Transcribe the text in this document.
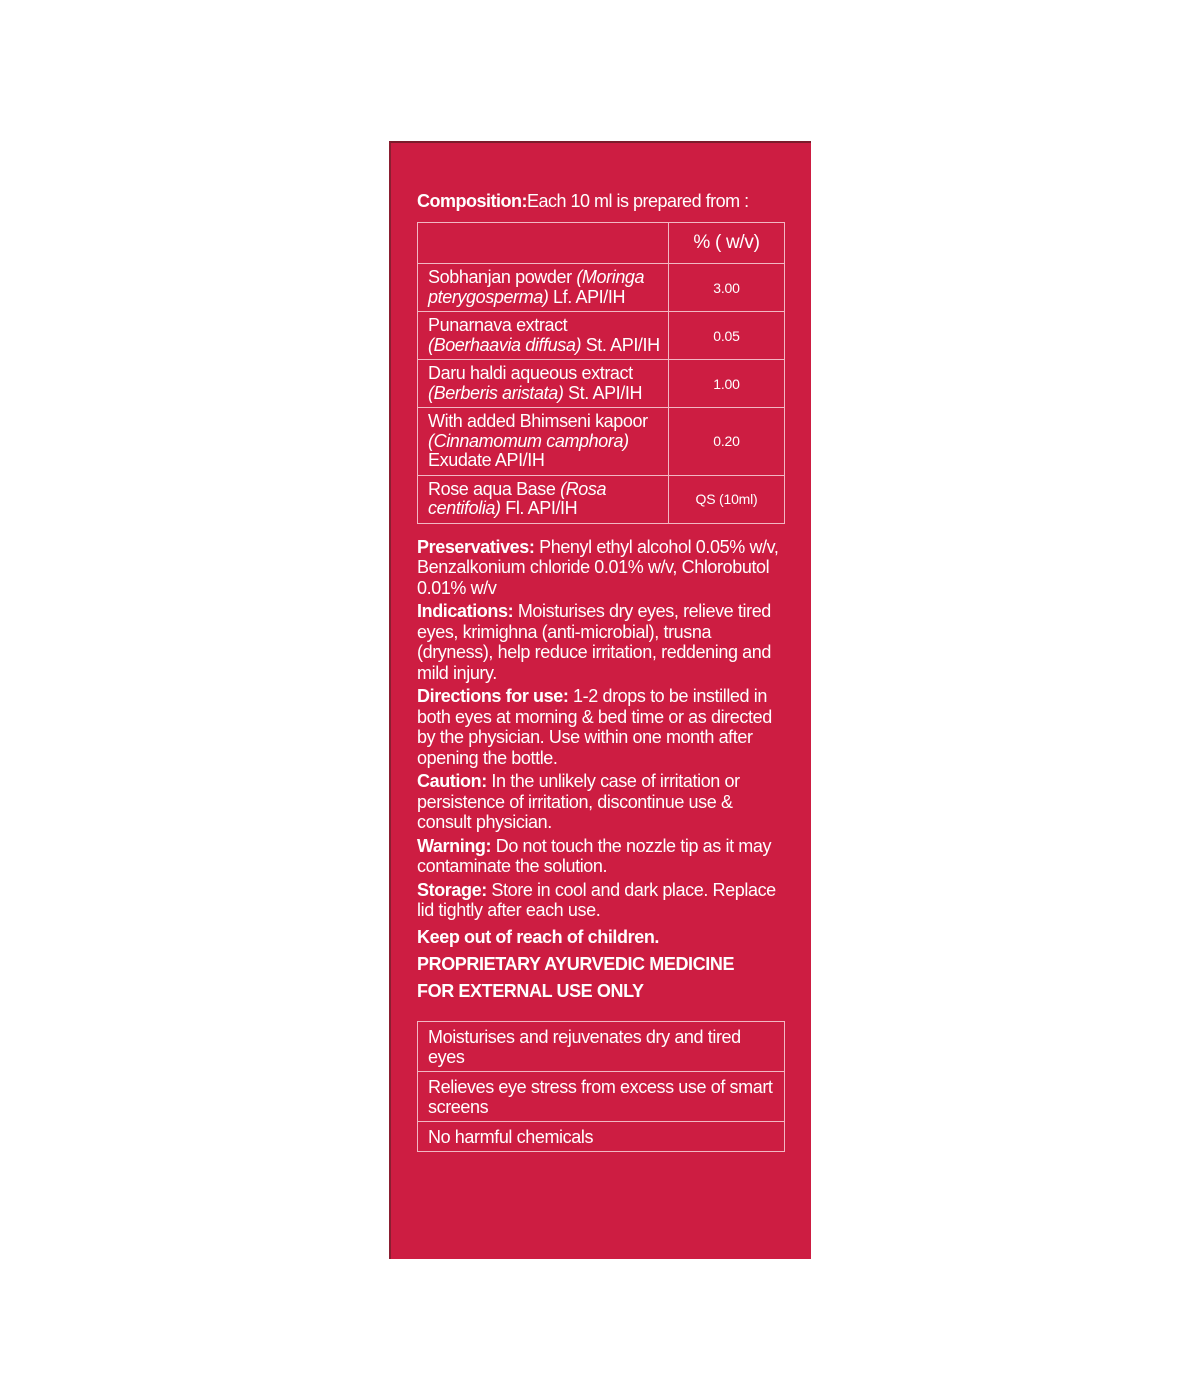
Composition:Each 10 ml is prepared from :
	% ( w/v)
Sobhanjan powder (Moringa pterygosperma) Lf. API/IH	3.00
Punarnava extract (Boerhaavia diffusa) St. API/IH	0.05
Daru haldi aqueous extract (Berberis aristata) St. API/IH	1.00
With added Bhimseni kapoor (Cinnamomum camphora) Exudate API/IH	0.20
Rose aqua Base (Rosa centifolia) Fl. API/IH	QS (10ml)

Preservatives: Phenyl ethyl alcohol 0.05% w/v, Benzalkonium chloride 0.01% w/v, Chlorobutol 0.01% w/v

Indications: Moisturises dry eyes, relieve tired eyes, krimighna (anti-microbial), trusna (dryness), help reduce irritation, reddening and mild injury.

Directions for use: 1-2 drops to be instilled in both eyes at morning & bed time or as directed by the physician. Use within one month after opening the bottle.

Caution: In the unlikely case of irritation or persistence of irritation, discontinue use & consult physician.

Warning: Do not touch the nozzle tip as it may contaminate the solution.

Storage: Store in cool and dark place. Replace lid tightly after each use.

Keep out of reach of children.
PROPRIETARY AYURVEDIC MEDICINE
FOR EXTERNAL USE ONLY
Moisturises and rejuvenates dry and tired eyes
Relieves eye stress from excess use of smart screens
No harmful chemicals
